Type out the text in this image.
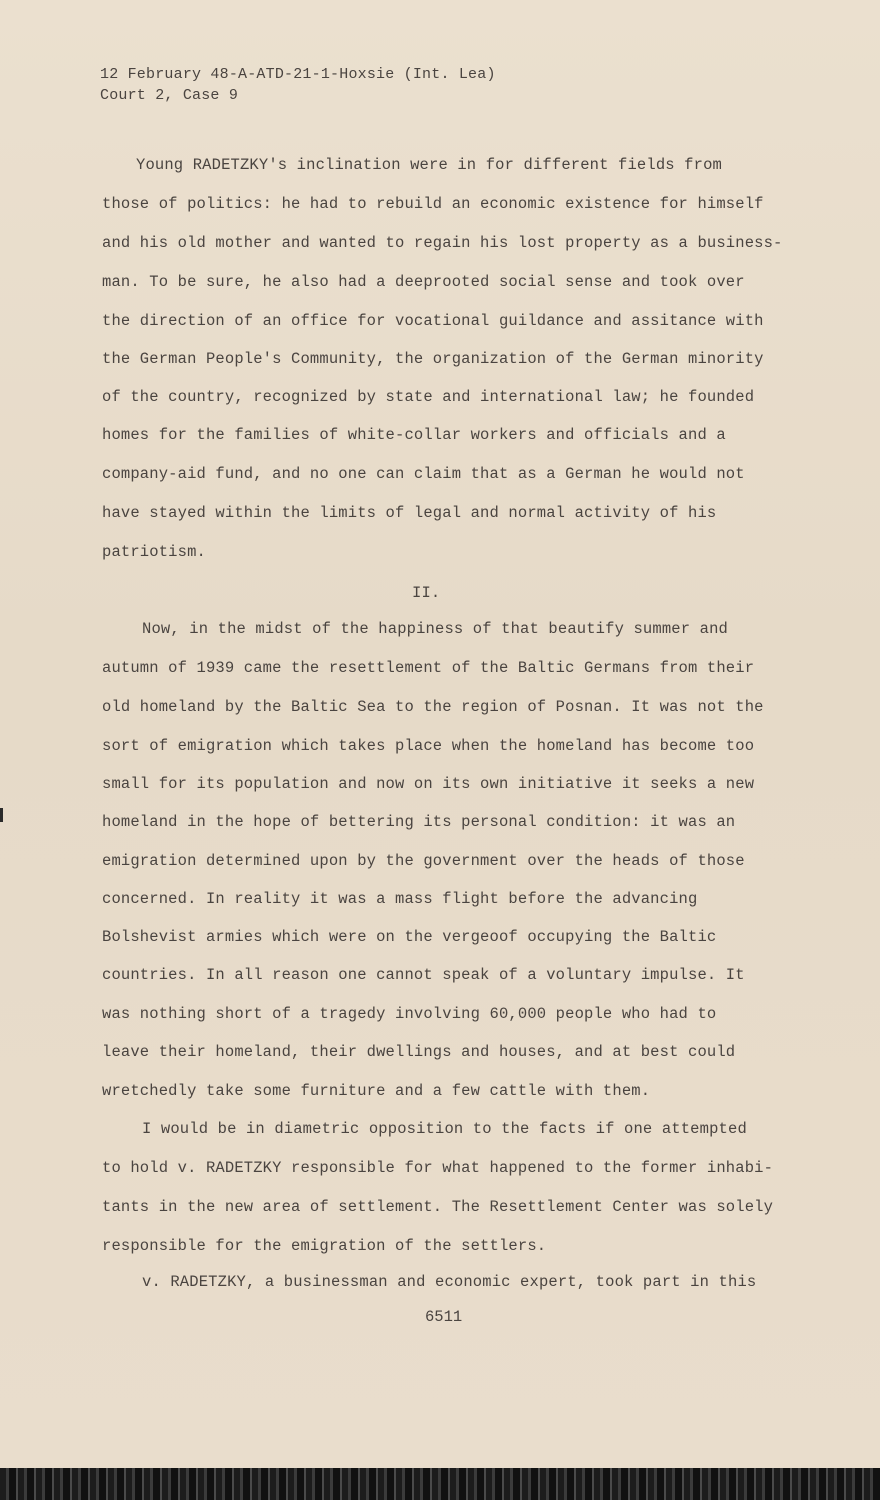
12 February 48-A-ATD-21-1-Hoxsie (Int. Lea)
Court 2, Case 9
Young RADETZKY's inclination were in for different fields from
those of politics: he had to rebuild an economic existence for himself
and his old mother and wanted to regain his lost property as a business-
man. To be sure, he also had a deeprooted social sense and took over
the direction of an office for vocational guildance and assitance with
the German People's Community, the organization of the German minority
of the country, recognized by state and international law; he founded
homes for the families of white-collar workers and officials and a
company-aid fund, and no one can claim that as a German he would not
have stayed within the limits of legal and normal activity of his
patriotism.
II.
Now, in the midst of the happiness of that beautify summer and
autumn of 1939 came the resettlement of the Baltic Germans from their
old homeland by the Baltic Sea to the region of Posnan. It was not the
sort of emigration which takes place when the homeland has become too
small for its population and now on its own initiative it seeks a new
homeland in the hope of bettering its personal condition: it was an
emigration determined upon by the government over the heads of those
concerned. In reality it was a mass flight before the advancing
Bolshevist armies which were on the vergeoof occupying the Baltic
countries. In all reason one cannot speak of a voluntary impulse. It
was nothing short of a tragedy involving 60,000 people who had to
leave their homeland, their dwellings and houses, and at best could
wretchedly take some furniture and a few cattle with them.
I would be in diametric opposition to the facts if one attempted
to hold v. RADETZKY responsible for what happened to the former inhabi-
tants in the new area of settlement. The Resettlement Center was solely
responsible for the emigration of the settlers.
v. RADETZKY, a businessman and economic expert, took part in this
6511
